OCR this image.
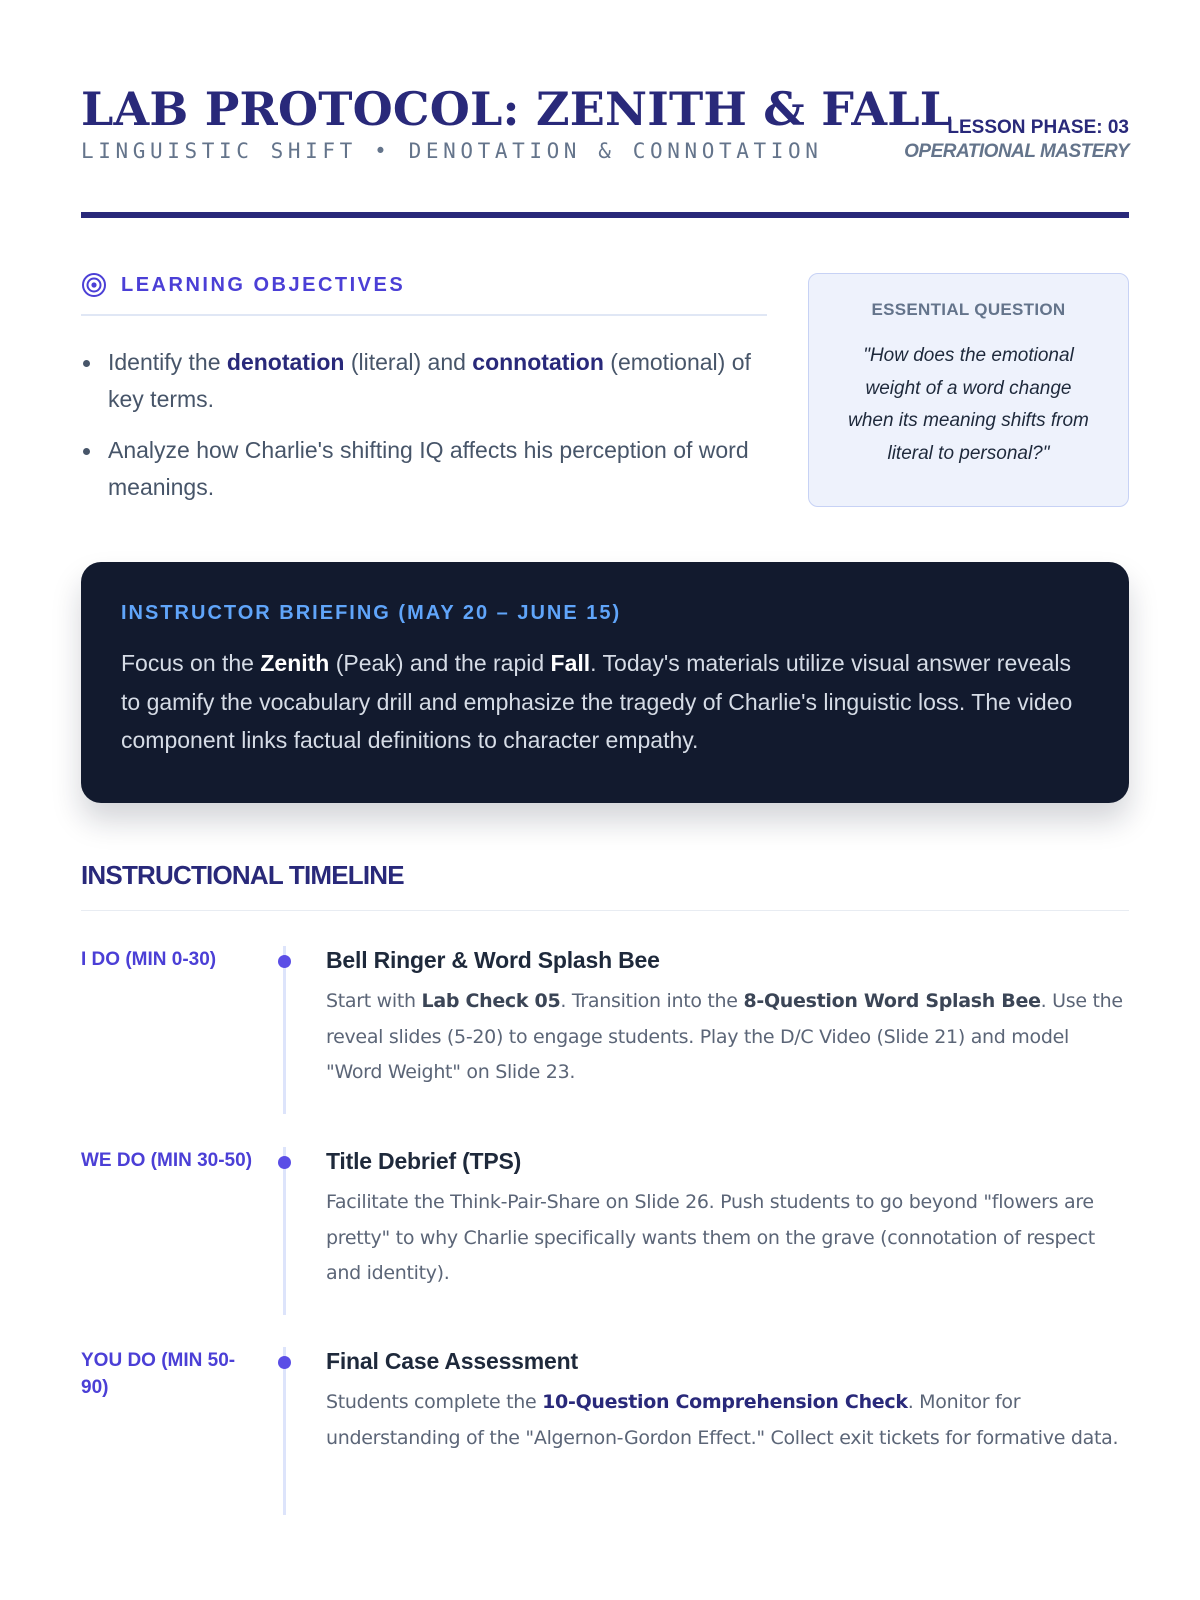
LAB PROTOCOL: ZENITH & FALL
LINGUISTIC SHIFT • DENOTATION & CONNOTATION
LESSON PHASE: 03
OPERATIONAL MASTERY
LEARNING OBJECTIVES
Identify the denotation (literal) and connotation (emotional) of key terms.
Analyze how Charlie's shifting IQ affects his perception of word meanings.
ESSENTIAL QUESTION
"How does the emotional weight of a word change when its meaning shifts from literal to personal?"
INSTRUCTOR BRIEFING (MAY 20 – JUNE 15)

Focus on the Zenith (Peak) and the rapid Fall. Today's materials utilize visual answer reveals to gamify the vocabulary drill and emphasize the tragedy of Charlie's linguistic loss. The video component links factual definitions to character empathy.

INSTRUCTIONAL TIMELINE
I DO (MIN 0-30)	Bell Ringer & Word Splash Bee

Start with Lab Check 05. Transition into the 8-Question Word Splash Bee. Use the reveal slides (5-20) to engage students. Play the D/C Video (Slide 21) and model "Word Weight" on Slide 23.

WE DO (MIN 30-50)	Title Debrief (TPS)

Facilitate the Think-Pair-Share on Slide 26. Push students to go beyond "flowers are pretty" to why Charlie specifically wants them on the grave (connotation of respect and identity).

YOU DO (MIN 50-90)
Final Case Assessment

Students complete the 10-Question Comprehension Check. Monitor for understanding of the "Algernon-Gordon Effect." Collect exit tickets for formative data.
